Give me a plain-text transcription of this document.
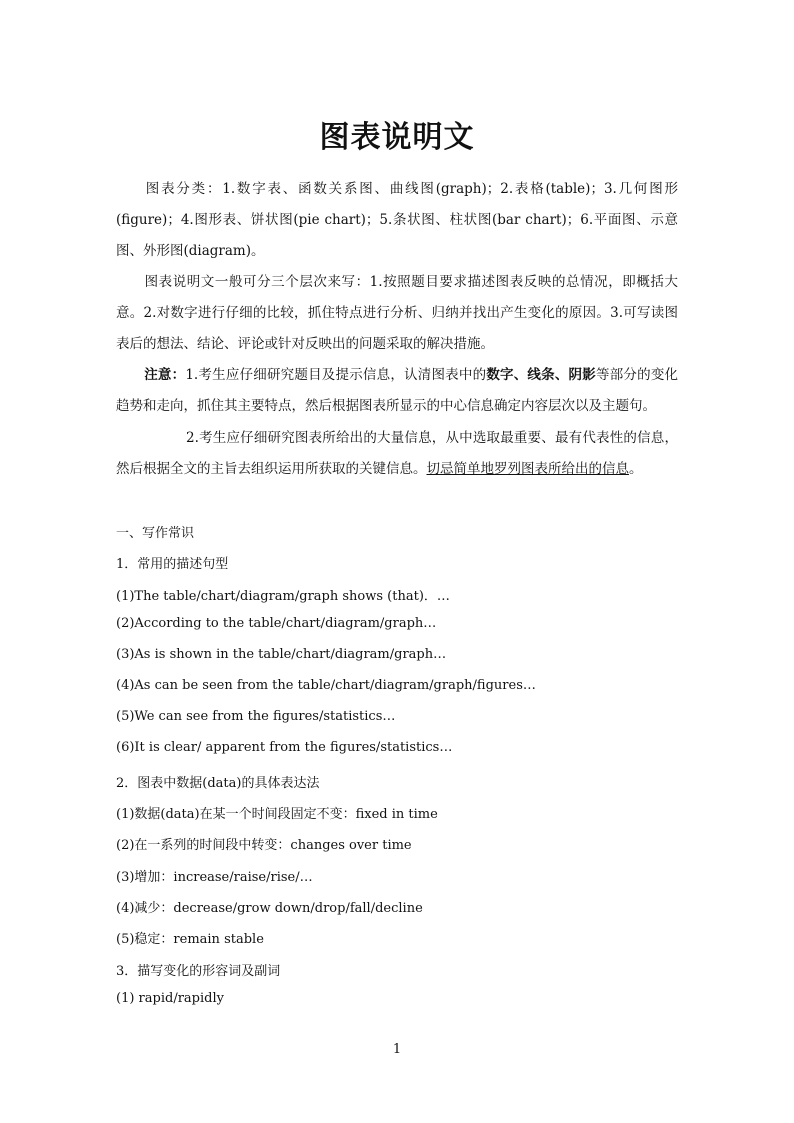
图表说明文
图表分类：1.数字表、函数关系图、曲线图(graph)；2.表格(table)；3.几何图形(figure)；4.图形表、饼状图(pie chart)；5.条状图、柱状图(bar chart)；6.平面图、示意图、外形图(diagram)。
图表说明文一般可分三个层次来写：1.按照题目要求描述图表反映的总情况，即概括大意。2.对数字进行仔细的比较，抓住特点进行分析、归纳并找出产生变化的原因。3.可写读图表后的想法、结论、评论或针对反映出的问题采取的解决措施。
注意：1.考生应仔细研究题目及提示信息，认清图表中的数字、线条、阴影等部分的变化趋势和走向，抓住其主要特点，然后根据图表所显示的中心信息确定内容层次以及主题句。
2.考生应仔细研究图表所给出的大量信息，从中选取最重要、最有代表性的信息，然后根据全文的主旨去组织运用所获取的关键信息。切忌简单地罗列图表所给出的信息。
一、写作常识
1．常用的描述句型
(1)The table/chart/diagram/graph shows (that)．…
(2)According to the table/chart/diagram/graph…
(3)As is shown in the table/chart/diagram/graph…
(4)As can be seen from the table/chart/diagram/graph/figures…
(5)We can see from the figures/statistics…
(6)It is clear/ apparent from the figures/statistics…
2．图表中数据(data)的具体表达法
(1)数据(data)在某一个时间段固定不变：fixed in time
(2)在一系列的时间段中转变：changes over time
(3)增加：increase/raise/rise/…
(4)减少：decrease/grow down/drop/fall/decline
(5)稳定：remain stable
3．描写变化的形容词及副词
(1) rapid/rapidly
1
